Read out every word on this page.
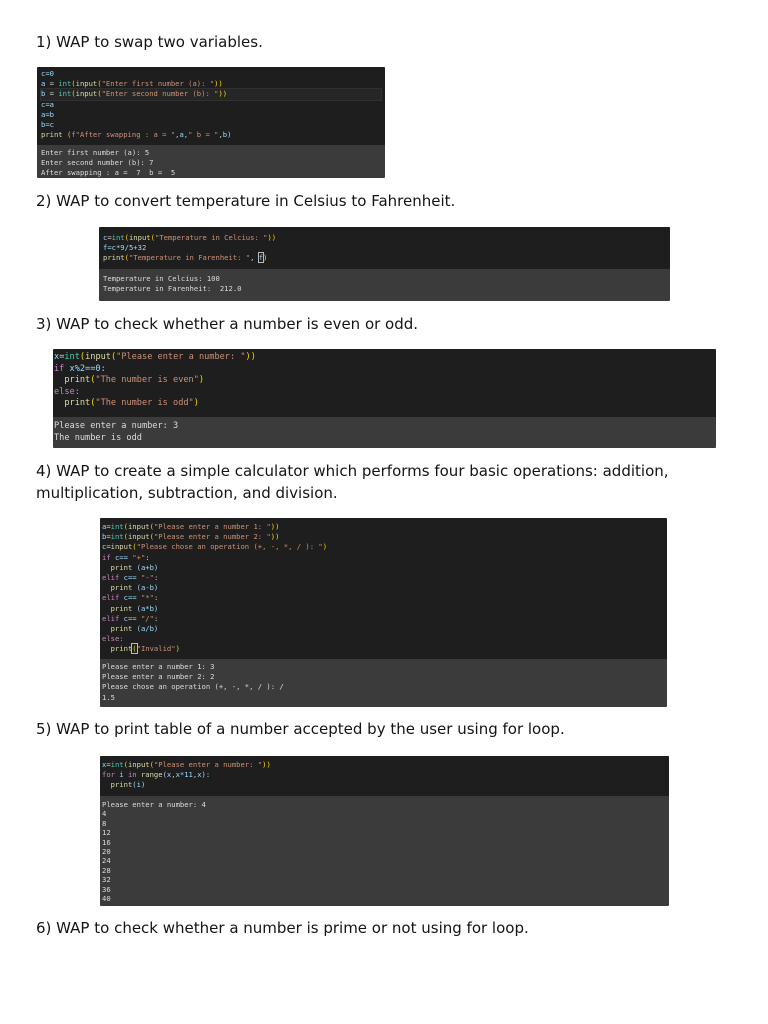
1) WAP to swap two variables.
c=0
a = int(input("Enter first number (a): "))
b = int(input("Enter second number (b): "))
c=a
a=b
b=c
print (f"After swapping : a = ",a," b = ",b)
Enter first number (a): 5
Enter second number (b): 7
After swapping : a =  7  b =  5
2) WAP to convert temperature in Celsius to Fahrenheit.
c=int(input("Temperature in Celcius: "))
f=c*9/5+32
print("Temperature in Farenheit: ", f)
Temperature in Celcius: 100
Temperature in Farenheit:  212.0
3) WAP to check whether a number is even or odd.
x=int(input("Please enter a number: "))
if x%2==0:
print("The number is even")
else:
print("The number is odd")
Please enter a number: 3
The number is odd
4) WAP to create a simple calculator which performs four basic operations: addition, multiplication, subtraction, and division.
a=int(input("Please enter a number 1: "))
b=int(input("Please enter a number 2: "))
c=input("Please chose an operation (+, -, *, / ): ")
if c== "+":
print (a+b)
elif c== "-":
print (a-b)
elif c== "*":
print (a*b)
elif c== "/":
print (a/b)
else:
print("Invalid")
Please enter a number 1: 3
Please enter a number 2: 2
Please chose an operation (+, -, *, / ): /
1.5
5) WAP to print table of a number accepted by the user using for loop.
x=int(input("Please enter a number: "))
for i in range(x,x*11,x):
print(i)
Please enter a number: 4
4
8
12
16
20
24
28
32
36
40
6) WAP to check whether a number is prime or not using for loop.
